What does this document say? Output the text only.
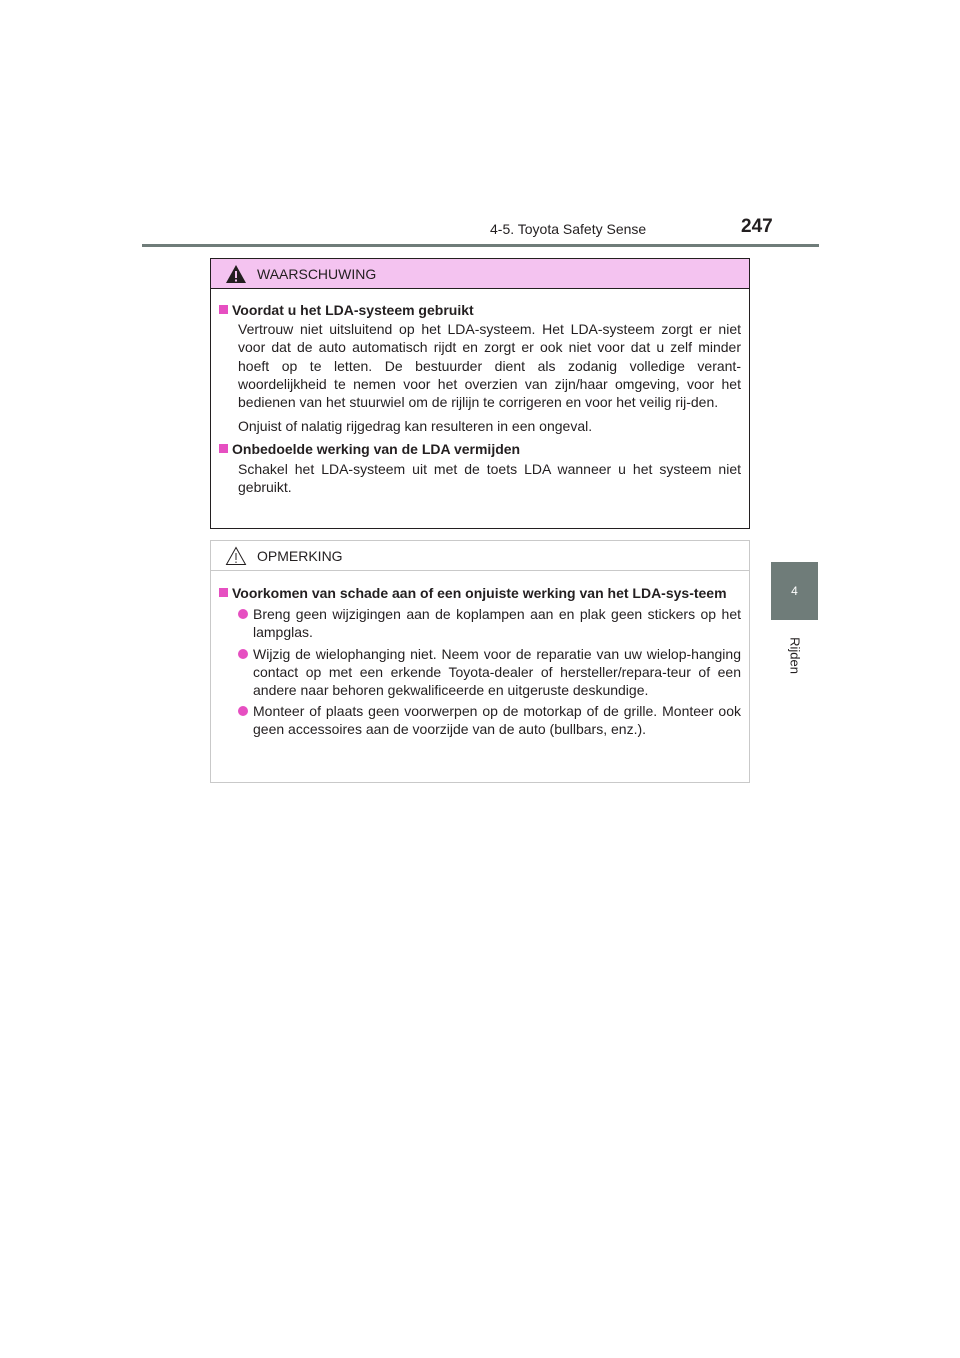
4-5. Toyota Safety Sense	247
4
Rijden
WAARSCHUWING
Voordat u het LDA-systeem gebruikt
Vertrouw niet uitsluitend op het LDA-systeem. Het LDA-systeem zorgt er niet voor dat de auto automatisch rijdt en zorgt er ook niet voor dat u zelf minder hoeft op te letten. De bestuurder dient als zodanig volledige verant-woordelijkheid te nemen voor het overzien van zijn/haar omgeving, voor het bedienen van het stuurwiel om de rijlijn te corrigeren en voor het veilig rij-den.
Onjuist of nalatig rijgedrag kan resulteren in een ongeval.
Onbedoelde werking van de LDA vermijden
Schakel het LDA-systeem uit met de toets LDA wanneer u het systeem niet gebruikt.
OPMERKING
Voorkomen van schade aan of een onjuiste werking van het LDA-sys-teem
Breng geen wijzigingen aan de koplampen aan en plak geen stickers op het lampglas.
Wijzig de wielophanging niet. Neem voor de reparatie van uw wielop-hanging contact op met een erkende Toyota-dealer of hersteller/repara-teur of een andere naar behoren gekwalificeerde en uitgeruste deskundige.
Monteer of plaats geen voorwerpen op de motorkap of de grille. Monteer ook geen accessoires aan de voorzijde van de auto (bullbars, enz.).
